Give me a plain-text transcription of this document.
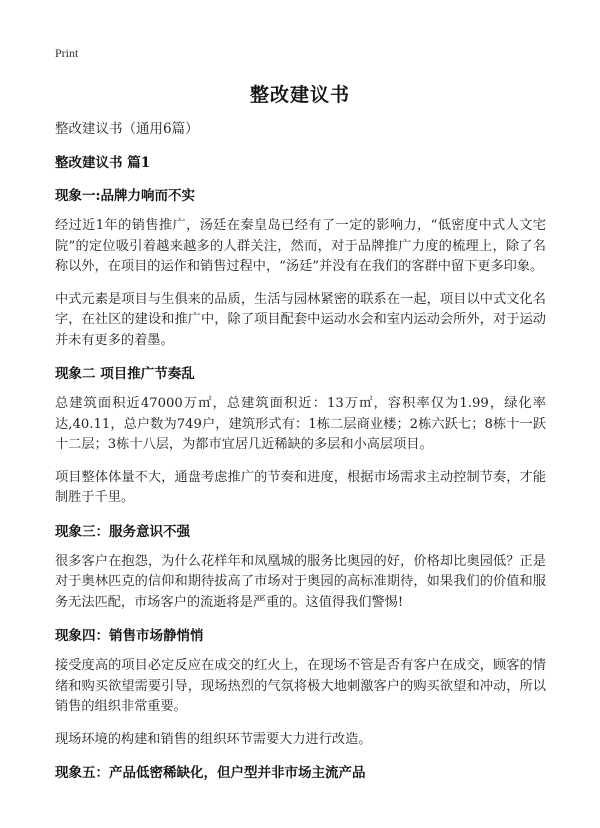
Print
整改建议书
整改建议书（通用6篇）
整改建议书 篇1
现象一:品牌力响而不实

经过近1年的销售推广，汤廷在秦皇岛已经有了一定的影响力，“低密度中式人文宅院”的定位吸引着越来越多的人群关注，然而，对于品牌推广力度的梳理上，除了名称以外，在项目的运作和销售过程中，“汤廷”并没有在我们的客群中留下更多印象。

中式元素是项目与生俱来的品质，生活与园林紧密的联系在一起，项目以中式文化名字，在社区的建设和推广中，除了项目配套中运动水会和室内运动会所外，对于运动并未有更多的着墨。

现象二 项目推广节奏乱

总建筑面积近47000万㎡，总建筑面积近：13万㎡，容积率仅为1.99，绿化率达,40.11，总户数为749户，建筑形式有：1栋二层商业楼；2栋六跃七；8栋十一跃十二层；3栋十八层，为都市宜居几近稀缺的多层和小高层项目。

项目整体体量不大，通盘考虑推广的节奏和进度，根据市场需求主动控制节奏，才能制胜于千里。

现象三：服务意识不强

很多客户在抱怨，为什么花样年和凤凰城的服务比奥园的好，价格却比奥园低？正是对于奥林匹克的信仰和期待拔高了市场对于奥园的高标准期待，如果我们的价值和服务无法匹配，市场客户的流逝将是严重的。这值得我们警惕!

现象四：销售市场静悄悄

接受度高的项目必定反应在成交的红火上，在现场不管是否有客户在成交，顾客的情绪和购买欲望需要引导，现场热烈的气氛将极大地刺激客户的购买欲望和冲动，所以销售的组织非常重要。

现场环境的构建和销售的组织环节需要大力进行改造。

现象五：产品低密稀缺化，但户型并非市场主流产品
